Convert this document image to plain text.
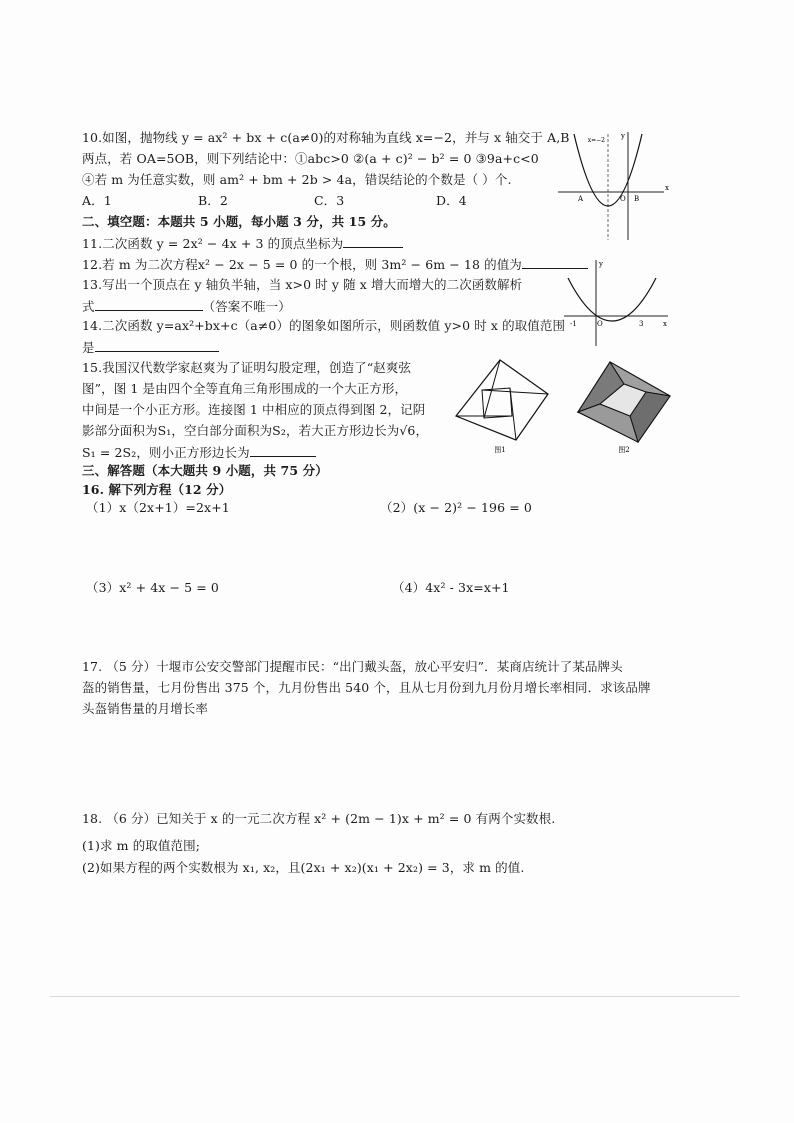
10.如图，抛物线 y = ax² + bx + c(a≠0)的对称轴为直线 x=−2，并与 x 轴交于 A,B
两点，若 OA=5OB，则下列结论中：①abc>0 ②(a + c)² − b² = 0 ③9a+c<0
④若 m 为任意实数，则 am² + bm + 2b > 4a，错误结论的个数是（ ）个.
A．1	B．2	C．3	D．4
y
x
x=−2
A	O B
二、填空题：本题共 5 小题，每小题 3 分，共 15 分。
11.二次函数 y = 2x² − 4x + 3 的顶点坐标为
12.若 m 为二次方程x² − 2x − 5 = 0 的一个根，则 3m² − 6m − 18 的值为
13.写出一个顶点在 y 轴负半轴，当 x>0 时 y 随 x 增大而增大的二次函数解析
式	（答案不唯一）
y
x
-1	O	3
14.二次函数 y=ax²+bx+c（a≠0）的图象如图所示，则函数值 y>0 时 x 的取值范围
是
15.我国汉代数学家赵爽为了证明勾股定理，创造了“赵爽弦
图”，图 1 是由四个全等直角三角形围成的一个大正方形，
中间是一个小正方形。连接图 1 中相应的顶点得到图 2，记阴
影部分面积为S₁，空白部分面积为S₂，若大正方形边长为√6，
S₁ = 2S₂，则小正方形边长为	图1	图2
三、解答题（本大题共 9 小题，共 75 分）
16. 解下列方程（12 分）
（1）x（2x+1）=2x+1	（2）(x − 2)² − 196 = 0
（3）x² + 4x − 5 = 0	（4）4x² - 3x=x+1
17. （5 分）十堰市公安交警部门提醒市民：“出门戴头盔，放心平安归”．某商店统计了某品牌头
盔的销售量，七月份售出 375 个，九月份售出 540 个，且从七月份到九月份月增长率相同．求该品牌
头盔销售量的月增长率
18. （6 分）已知关于 x 的一元二次方程 x² + (2m − 1)x + m² = 0 有两个实数根.
(1)求 m 的取值范围;
(2)如果方程的两个实数根为 x₁, x₂，且(2x₁ + x₂)(x₁ + 2x₂) = 3，求 m 的值.
